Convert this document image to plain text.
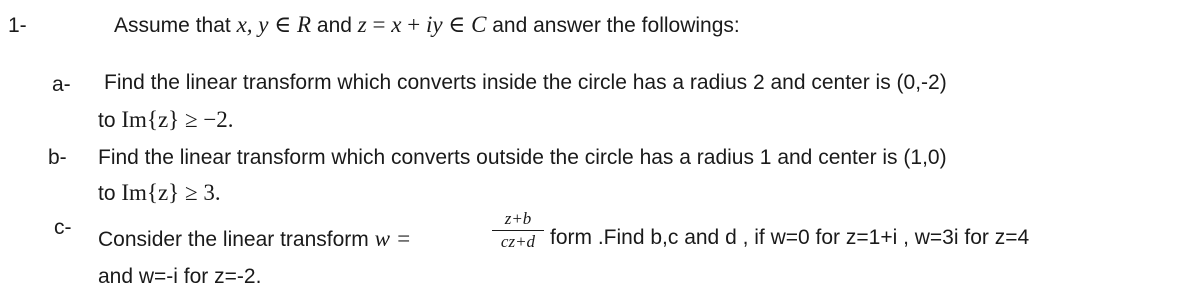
1-	Assume that x, y ∈ R and z = x + iy ∈ C and answer the followings:
a- Find the linear transform which converts inside the circle has a radius 2 and center is (0,-2)
to Im{z} ≥ −2.
b- Find the linear transform which converts outside the circle has a radius 1 and center is (1,0)
to Im{z} ≥ 3.
c-
Consider the linear transform w =
z+b
cz+d form .Find b,c and d , if w=0 for z=1+i , w=3i for z=4
and w=-i for z=-2.
